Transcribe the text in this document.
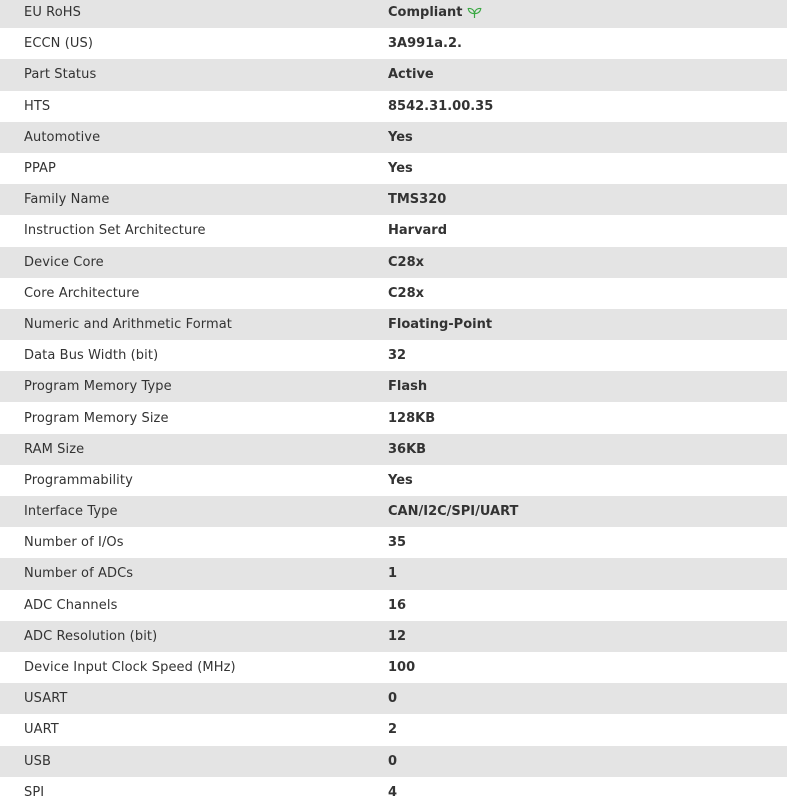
EU RoHS	Compliant
ECCN (US)	3A991a.2.
Part Status	Active
HTS	8542.31.00.35
Automotive	Yes
PPAP	Yes
Family Name	TMS320
Instruction Set Architecture	Harvard
Device Core	C28x
Core Architecture	C28x
Numeric and Arithmetic Format	Floating-Point
Data Bus Width (bit)	32
Program Memory Type	Flash
Program Memory Size	128KB
RAM Size	36KB
Programmability	Yes
Interface Type	CAN/I2C/SPI/UART
Number of I/Os	35
Number of ADCs	1
ADC Channels	16
ADC Resolution (bit)	12
Device Input Clock Speed (MHz)	100
USART	0
UART	2
USB	0
SPI	4
